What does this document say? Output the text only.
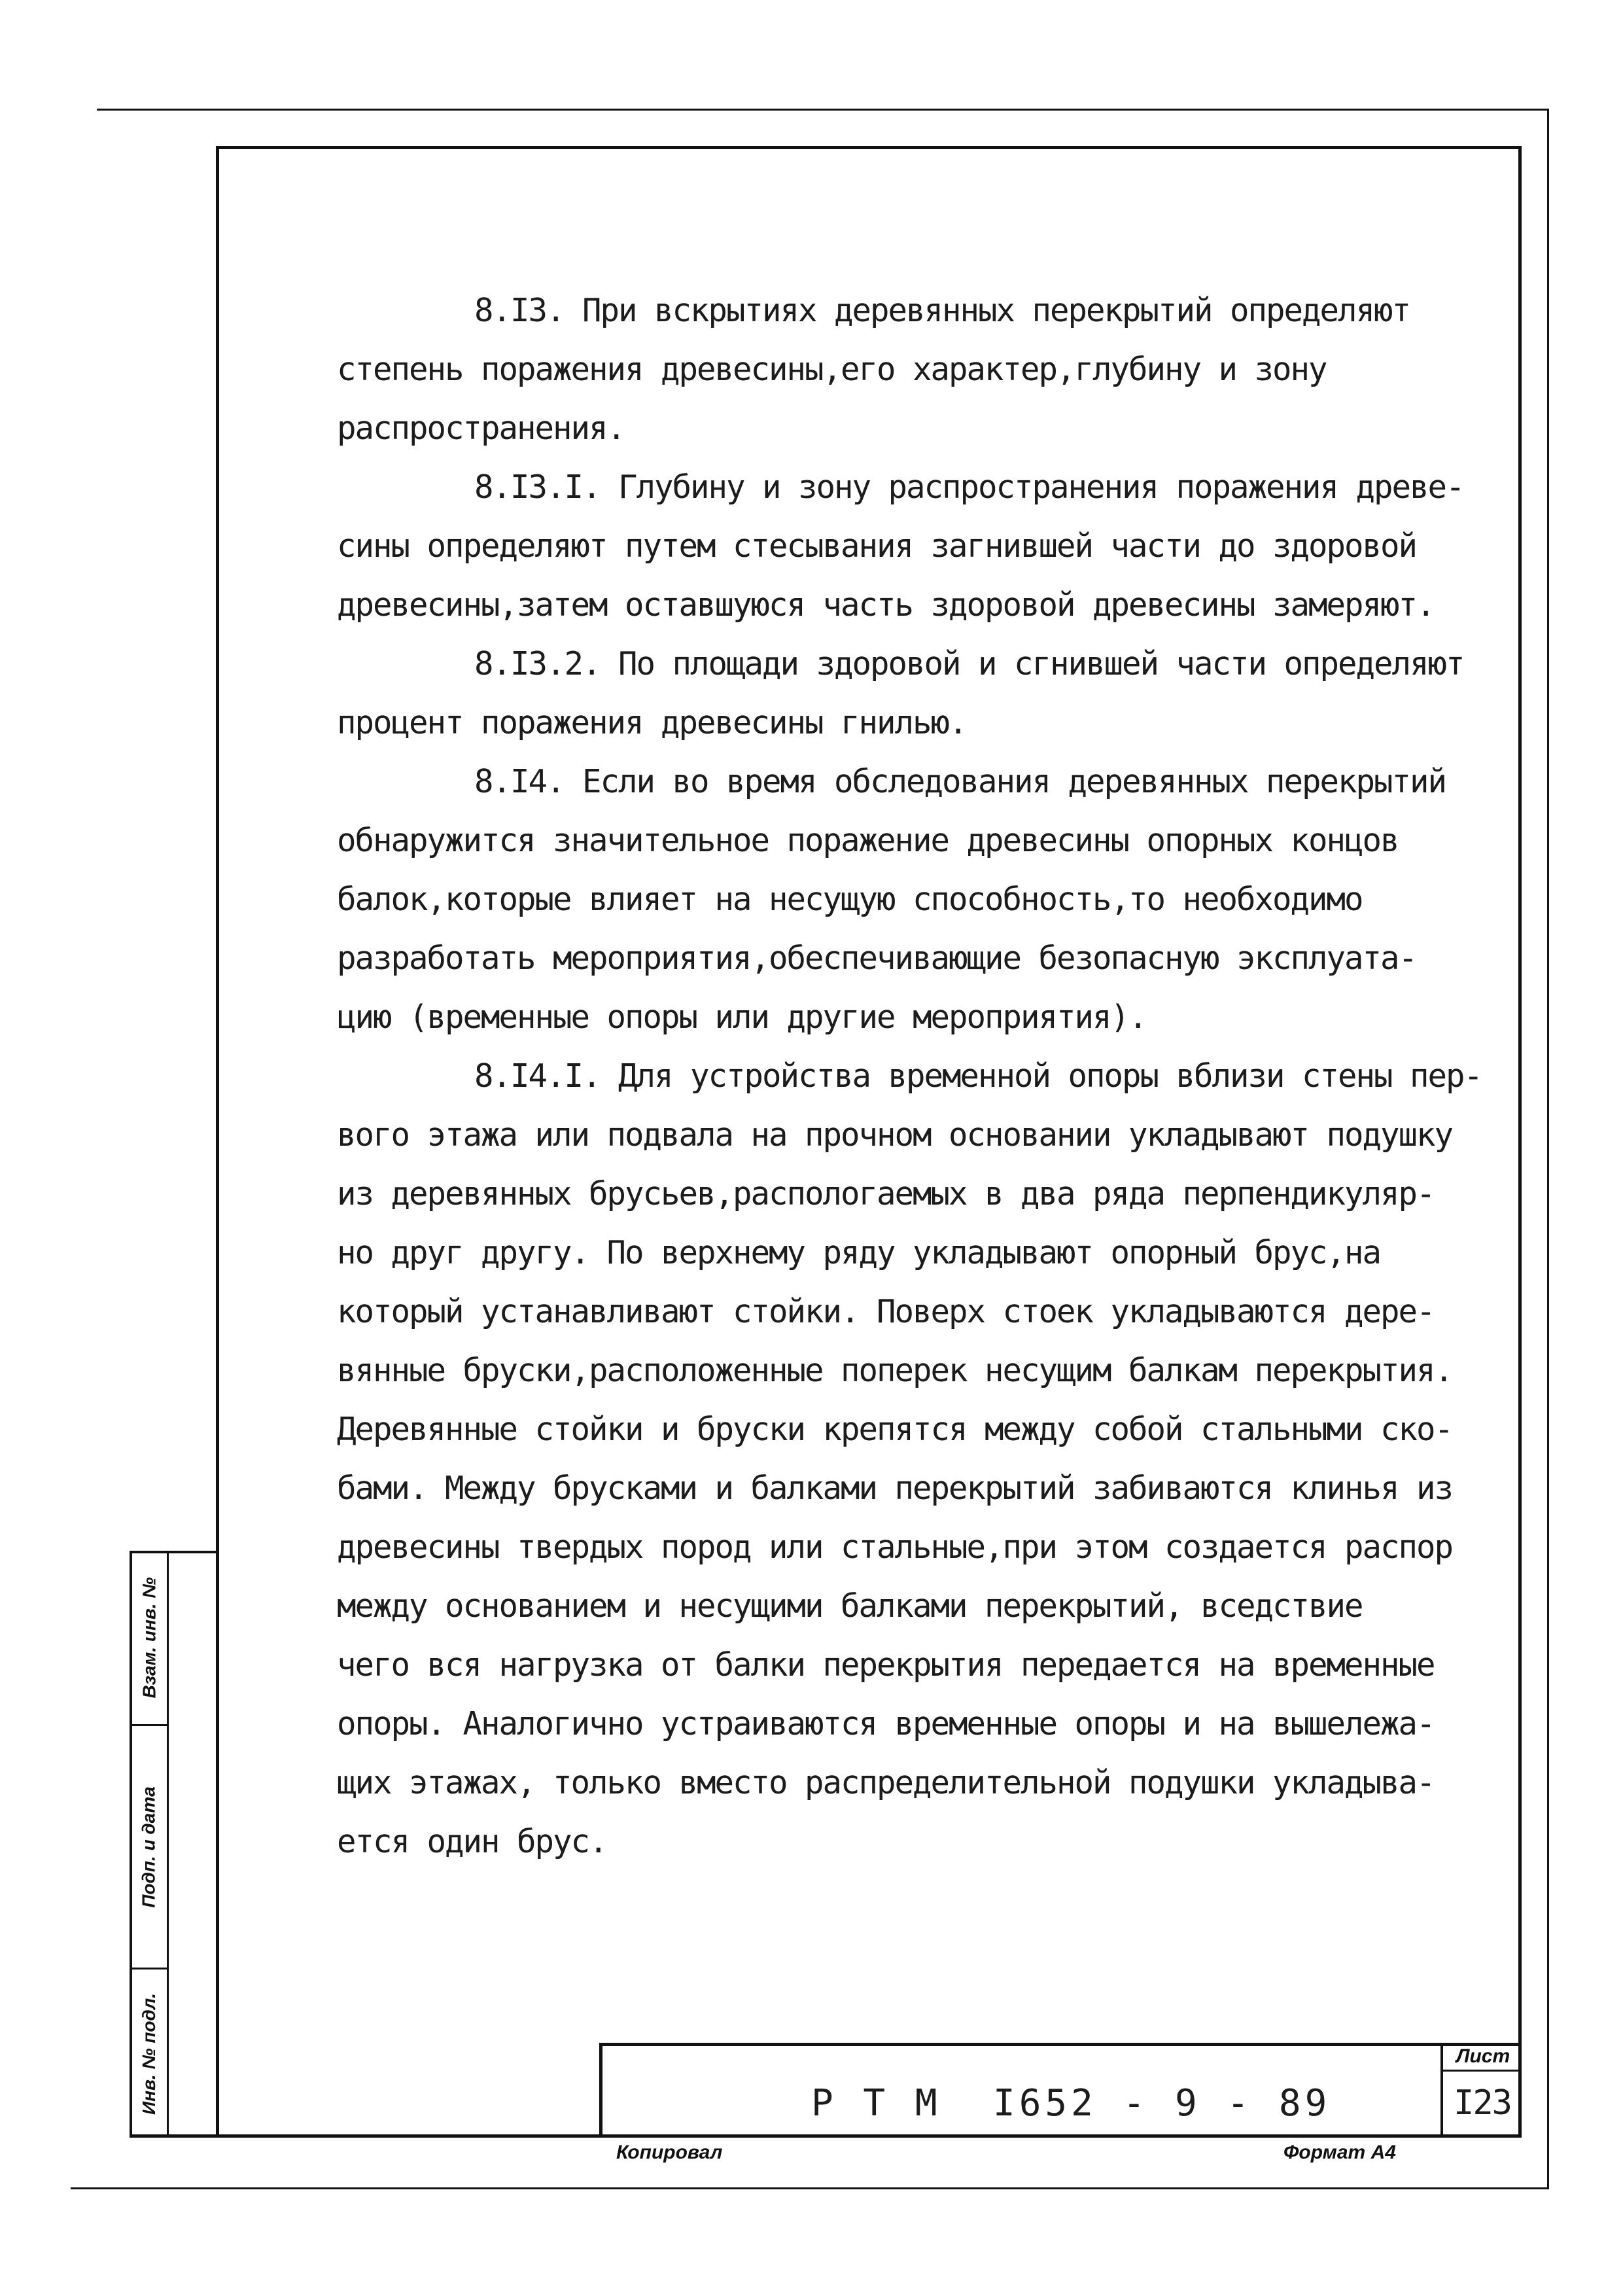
Взам. инв. №
Подп. и дата
Инв. № подл.

8.I3. При вскрытиях деревянных перекрытий определяют

степень поражения древесины,его характер,глубину и зону

распространения.

8.I3.I. Глубину и зону распространения поражения древе-

сины определяют путем стесывания загнившей части до здоровой

древесины,затем оставшуюся часть здоровой древесины замеряют.

8.I3.2. По площади здоровой и сгнившей части определяют

процент поражения древесины гнилью.

8.I4. Если во время обследования деревянных перекрытий

обнаружится значительное поражение древесины опорных концов

балок,которые влияет на несущую способность,то необходимо

разработать мероприятия,обеспечивающие безопасную эксплуата-

цию (временные опоры или другие мероприятия).

8.I4.I. Для устройства временной опоры вблизи стены пер-

вого этажа или подвала на прочном основании укладывают подушку

из деревянных брусьев,распологаемых в два ряда перпендикуляр-

но друг другу. По верхнему ряду укладывают опорный брус,на

который устанавливают стойки. Поверх стоек укладываются дере-

вянные бруски,расположенные поперек несущим балкам перекрытия.

Деревянные стойки и бруски крепятся между собой стальными ско-

бами. Между брусками и балками перекрытий забиваются клинья из

древесины твердых пород или стальные,при этом создается распор

между основанием и несущими балками перекрытий, вседствие

чего вся нагрузка от балки перекрытия передается на временные

опоры. Аналогично устраиваются временные опоры и на вышележа-

щих этажах, только вместо распределительной подушки укладыва-

ется один брус.

Р Т М  I652 - 9 - 89
Лист
I23
Копировал	Формат А4
